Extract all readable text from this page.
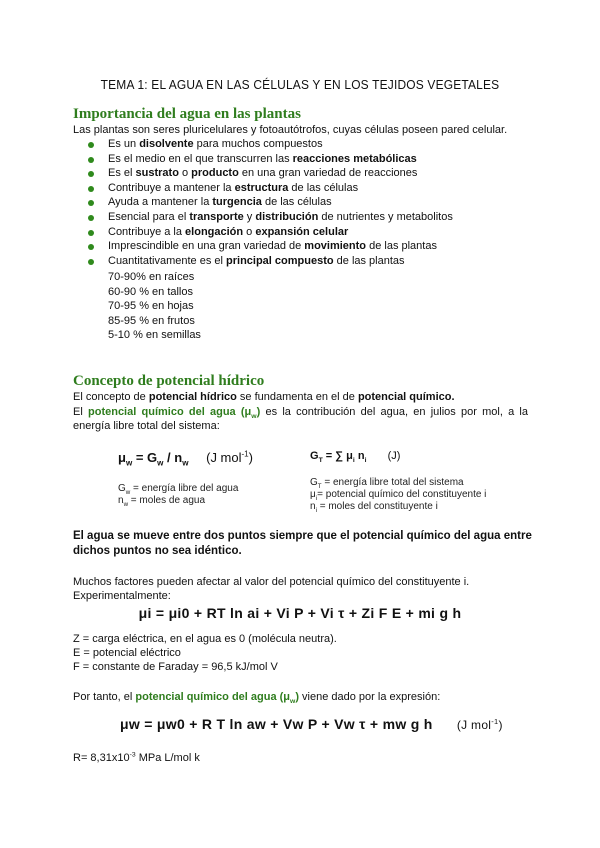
TEMA 1: EL AGUA EN LAS CÉLULAS Y EN LOS TEJIDOS VEGETALES
Importancia del agua en las plantas
Las plantas son seres pluricelulares y fotoautótrofos, cuyas células poseen pared celular.
Es un disolvente para muchos compuestos
Es el medio en el que transcurren las reacciones metabólicas
Es el sustrato o producto en una gran variedad de reacciones
Contribuye a mantener la estructura de las células
Ayuda a mantener la turgencia de las células
Esencial para el transporte y distribución de nutrientes y metabolitos
Contribuye a la elongación o expansión celular
Imprescindible en una gran variedad de movimiento de las plantas
Cuantitativamente es el principal compuesto de las plantas
70-90% en raíces
60-90 % en tallos
70-95 % en hojas
85-95 % en frutos
5-10 % en semillas
Concepto de potencial hídrico
El concepto de potencial hídrico se fundamenta en el de potencial químico.
El potencial químico del agua $(\mu_w)$ es la contribución del agua, en julios por mol, a la energía libre total del sistema:
$\mu_w = G_w / n_w$ (J mol$^{-1}$)
$G_w$ = energía libre del agua
$n_w$ = moles de agua
$G_T$ = ∑ $\mu_i$ $n_i$ (J)
$G_T$ = energía libre total del sistema
$\mu_i=$ potencial químico del constituyente i
$n_i$ = moles del constituyente i
El agua se mueve entre dos puntos siempre que el potencial químico del agua entre dichos puntos no sea idéntico.
Muchos factores pueden afectar al valor del potencial químico del constituyente i.
Experimentalmente:
μi = μi0 + RT ln ai + Vi P + Vi τ + Zi F E + mi g h
Z = carga eléctrica, en el agua es 0 (molécula neutra).
E = potencial eléctrico
F = constante de Faraday = 96,5 kJ/mol V
Por tanto, el potencial químico del agua $(\mu_w)$ viene dado por la expresión:
μw = μw0 + R T ln aw + Vw P + Vw τ + mw g h (J mol$^{-1}$)
$R= 8,31x10^{-3}$ MPa L/mol k
